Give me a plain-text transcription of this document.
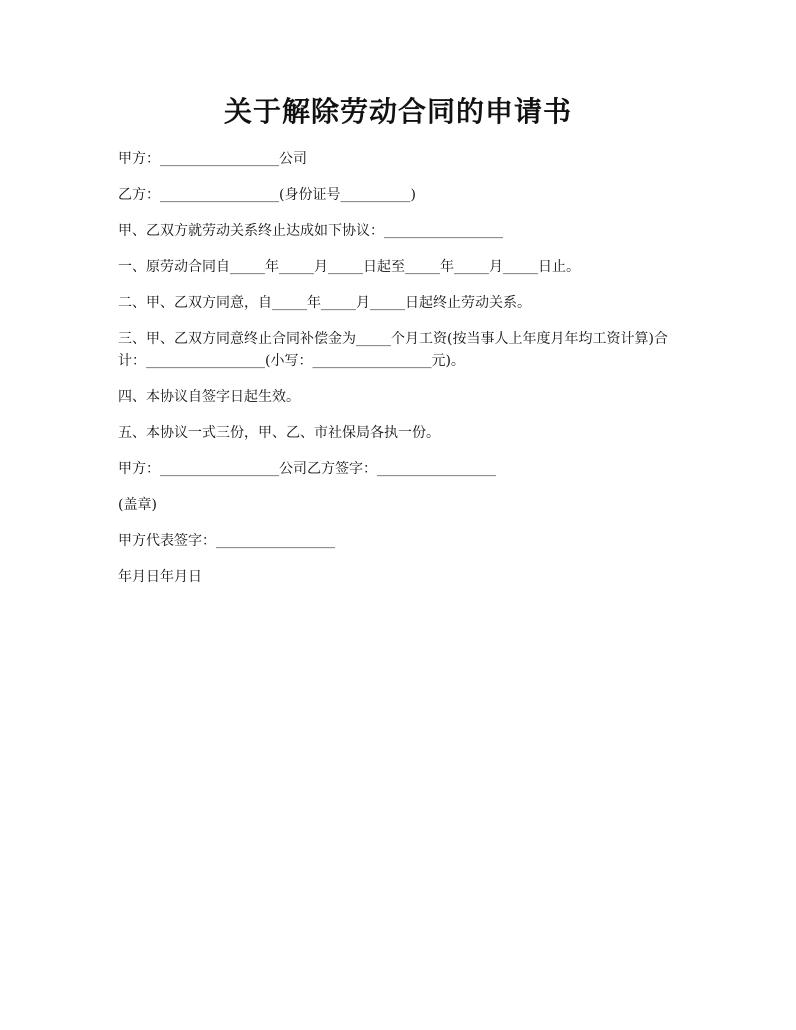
关于解除劳动合同的申请书

甲方：_________________公司

乙方：_________________(身份证号__________)

甲、乙双方就劳动关系终止达成如下协议：_________________

一、原劳动合同自_____年_____月_____日起至_____年_____月_____日止。

二、甲、乙双方同意，自_____年_____月_____日起终止劳动关系。

三、甲、乙双方同意终止合同补偿金为_____个月工资(按当事人上年度月年均工资计算)合计：_________________(小写：_________________元)。

四、本协议自签字日起生效。

五、本协议一式三份，甲、乙、市社保局各执一份。

甲方：_________________公司乙方签字：_________________

(盖章)

甲方代表签字：_________________

年月日年月日
